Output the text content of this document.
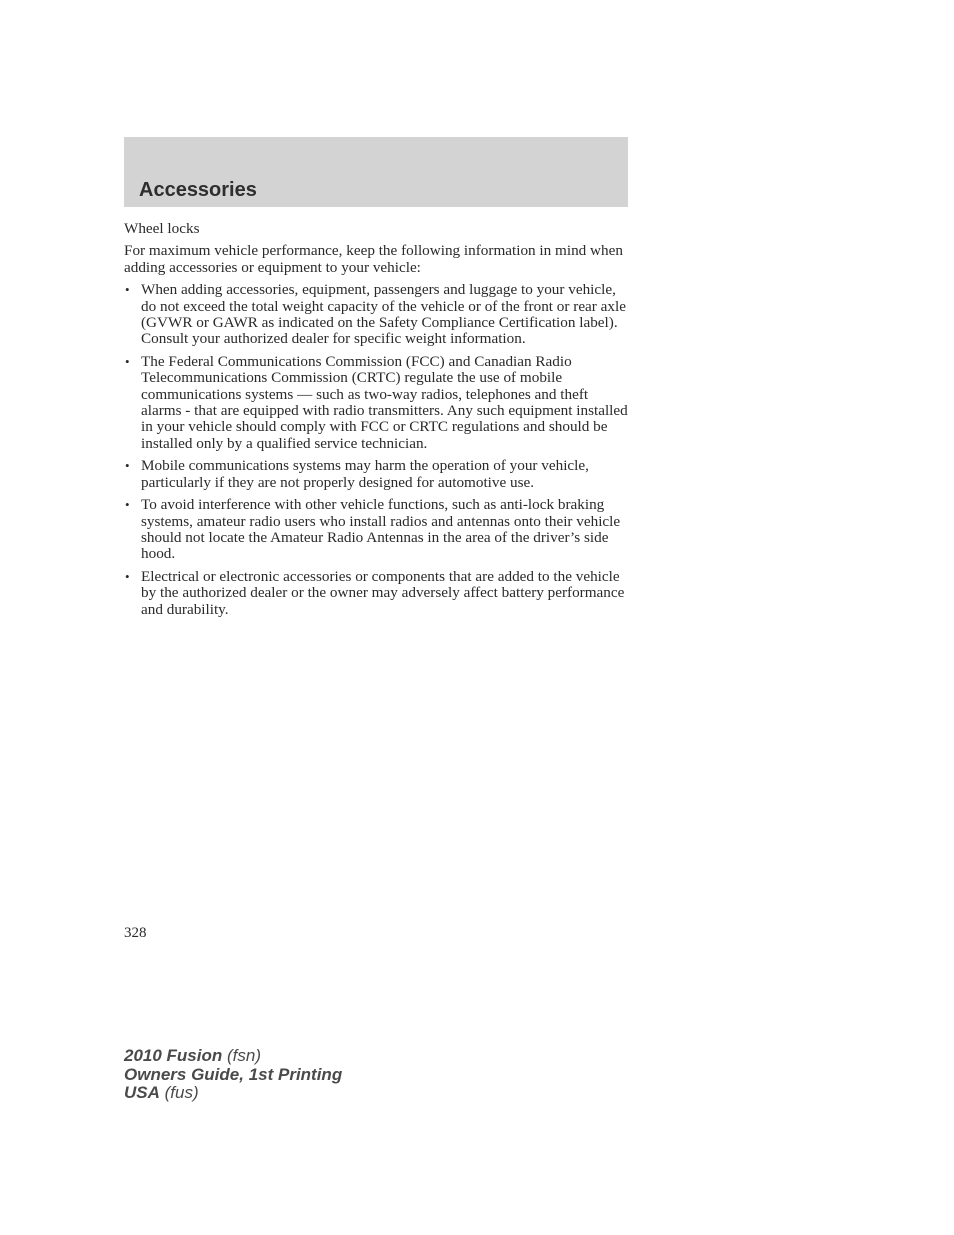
Accessories

Wheel locks

For maximum vehicle performance, keep the following information in mind when adding accessories or equipment to your vehicle:

• When adding accessories, equipment, passengers and luggage to your vehicle, do not exceed the total weight capacity of the vehicle or of the front or rear axle (GVWR or GAWR as indicated on the Safety Compliance Certification label). Consult your authorized dealer for specific weight information.
• The Federal Communications Commission (FCC) and Canadian Radio Telecommunications Commission (CRTC) regulate the use of mobile communications systems — such as two-way radios, telephones and theft alarms - that are equipped with radio transmitters. Any such equipment installed in your vehicle should comply with FCC or CRTC regulations and should be installed only by a qualified service technician.
• Mobile communications systems may harm the operation of your vehicle, particularly if they are not properly designed for automotive use.
• To avoid interference with other vehicle functions, such as anti-lock braking systems, amateur radio users who install radios and antennas onto their vehicle should not locate the Amateur Radio Antennas in the area of the driver’s side hood.
• Electrical or electronic accessories or components that are added to the vehicle by the authorized dealer or the owner may adversely affect battery performance and durability.
328
2010 Fusion (fsn)
Owners Guide, 1st Printing
USA (fus)
